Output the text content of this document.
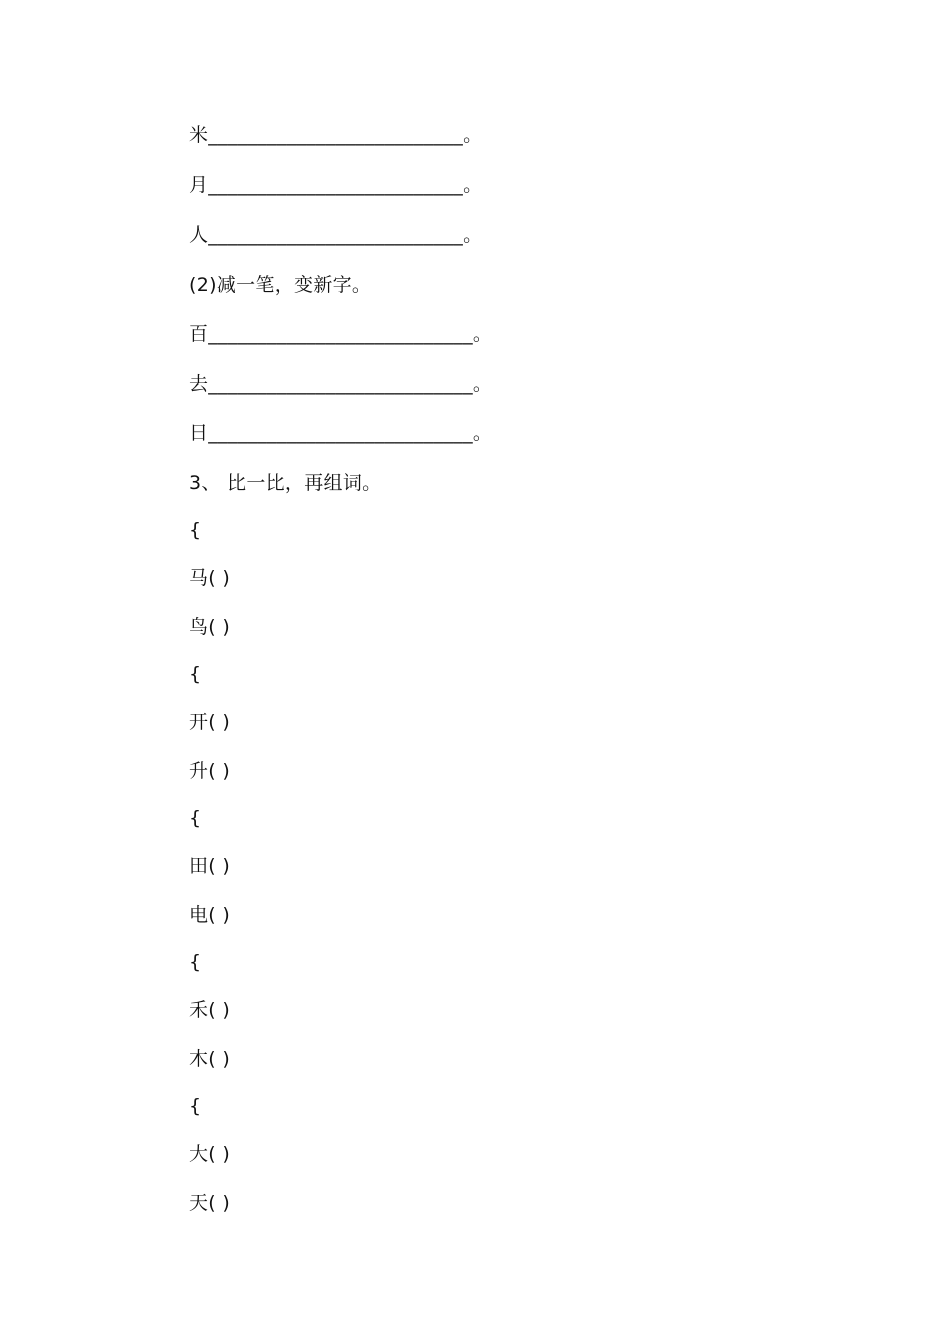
米__________________________。
月__________________________。
人__________________________。
(2)减一笔，变新字。
百___________________________。
去___________________________。
日___________________________。
3、 比一比，再组词。
{
马( )
鸟( )
{
开( )
升( )
{
田( )
电( )
{
禾( )
木( )
{
大( )
天( )
